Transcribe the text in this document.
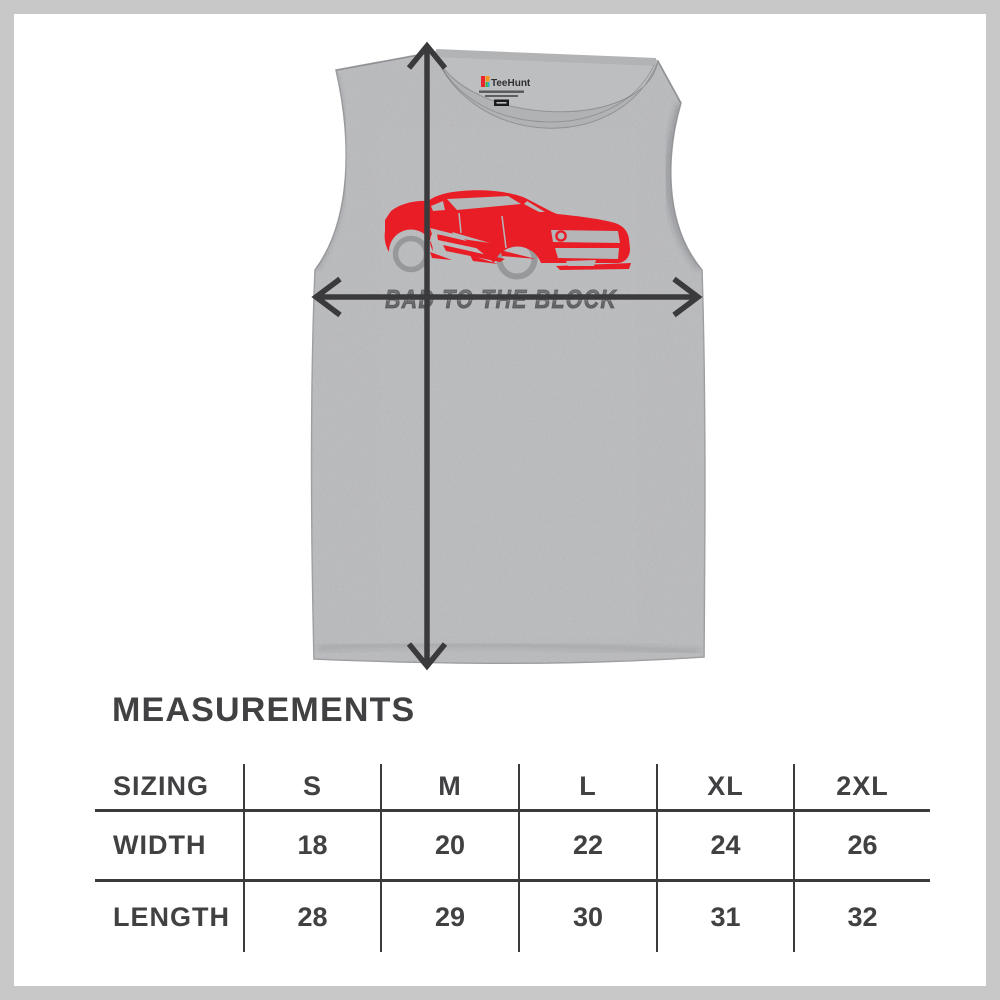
TeeHunt
BAD TO THE BLOCK
MEASUREMENTS
SIZING	S	M	L	XL	2XL
WIDTH	18	20	22	24	26
LENGTH	28	29	30	31	32
